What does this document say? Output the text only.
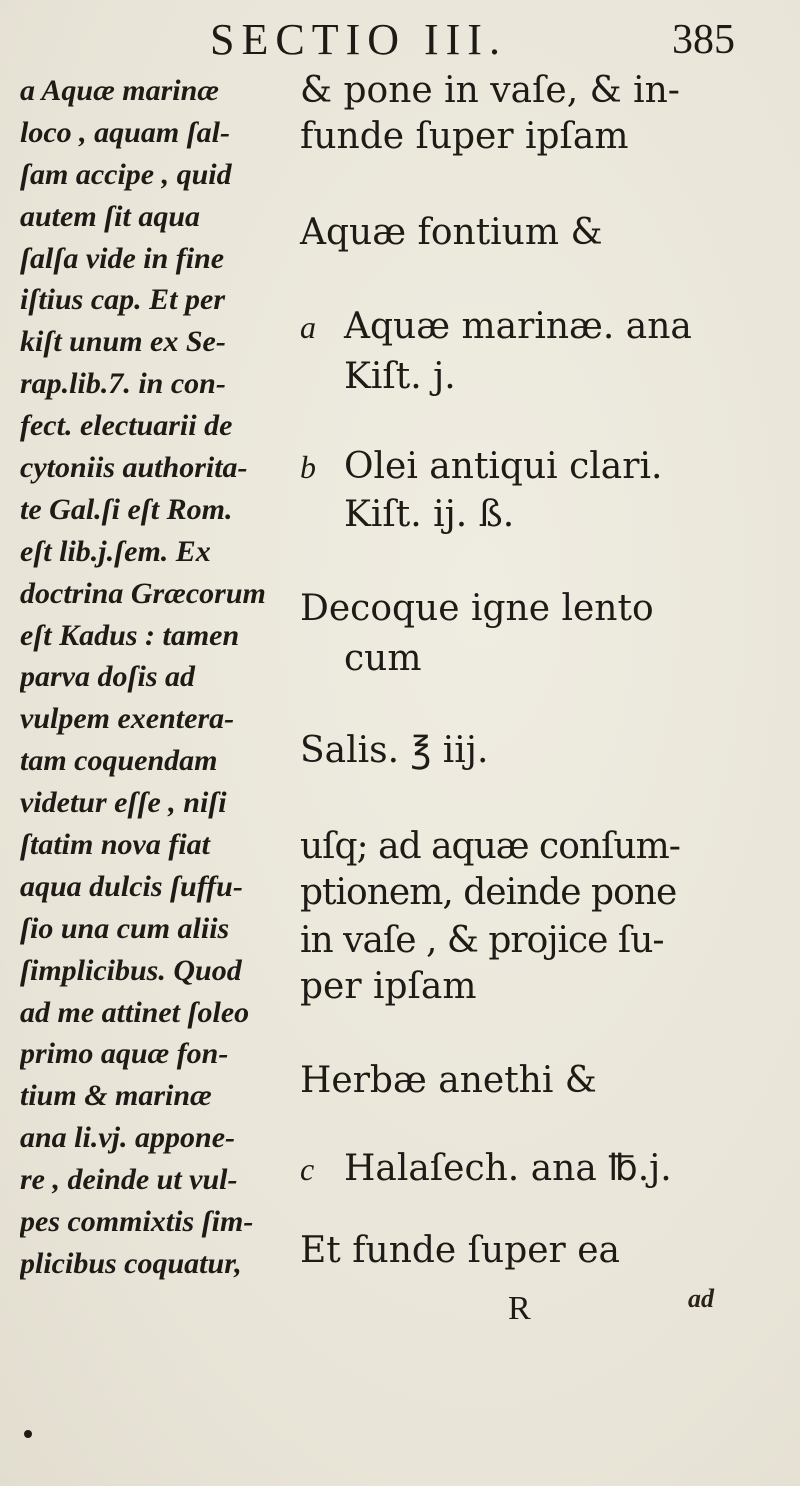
SECTIO III.	385
a Aquæ marinæ
loco , aquam ſal-
ſam accipe , quid
autem ſit aqua
ſalſa vide in fine
iſtius cap. Et per
kiſt unum ex Se-
rap.lib.7. in con-
fect. electuarii de
cytoniis authorita-
te Gal.ſi eſt Rom.
eſt lib.j.ſem. Ex
doctrina Græcorum
eſt Kadus : tamen
parva doſis ad
vulpem exentera-
tam coquendam
videtur eſſe , niſi
ſtatim nova fiat
aqua dulcis ſuffu-
ſio una cum aliis
ſimplicibus. Quod
ad me attinet ſoleo
primo aquæ fon-
tium & marinæ
ana li.vj. appone-
re , deinde ut vul-
pes commixtis ſim-
plicibus coquatur,
& pone in vaſe, & in-
funde ſuper ipſam
Aquæ fontium &
a Aquæ marinæ. ana
Kiſt. j.
b Olei antiqui clari.
Kiſt. ij. ß.
Decoque igne lento
cum
Salis. ℥ iij.
uſq; ad aquæ conſum-
ptionem, deinde pone
in vaſe , & projice ſu-
per ipſam
Herbæ anethi &
c Halaſech. ana ℔.j.
Et funde ſuper ea
R	ad
